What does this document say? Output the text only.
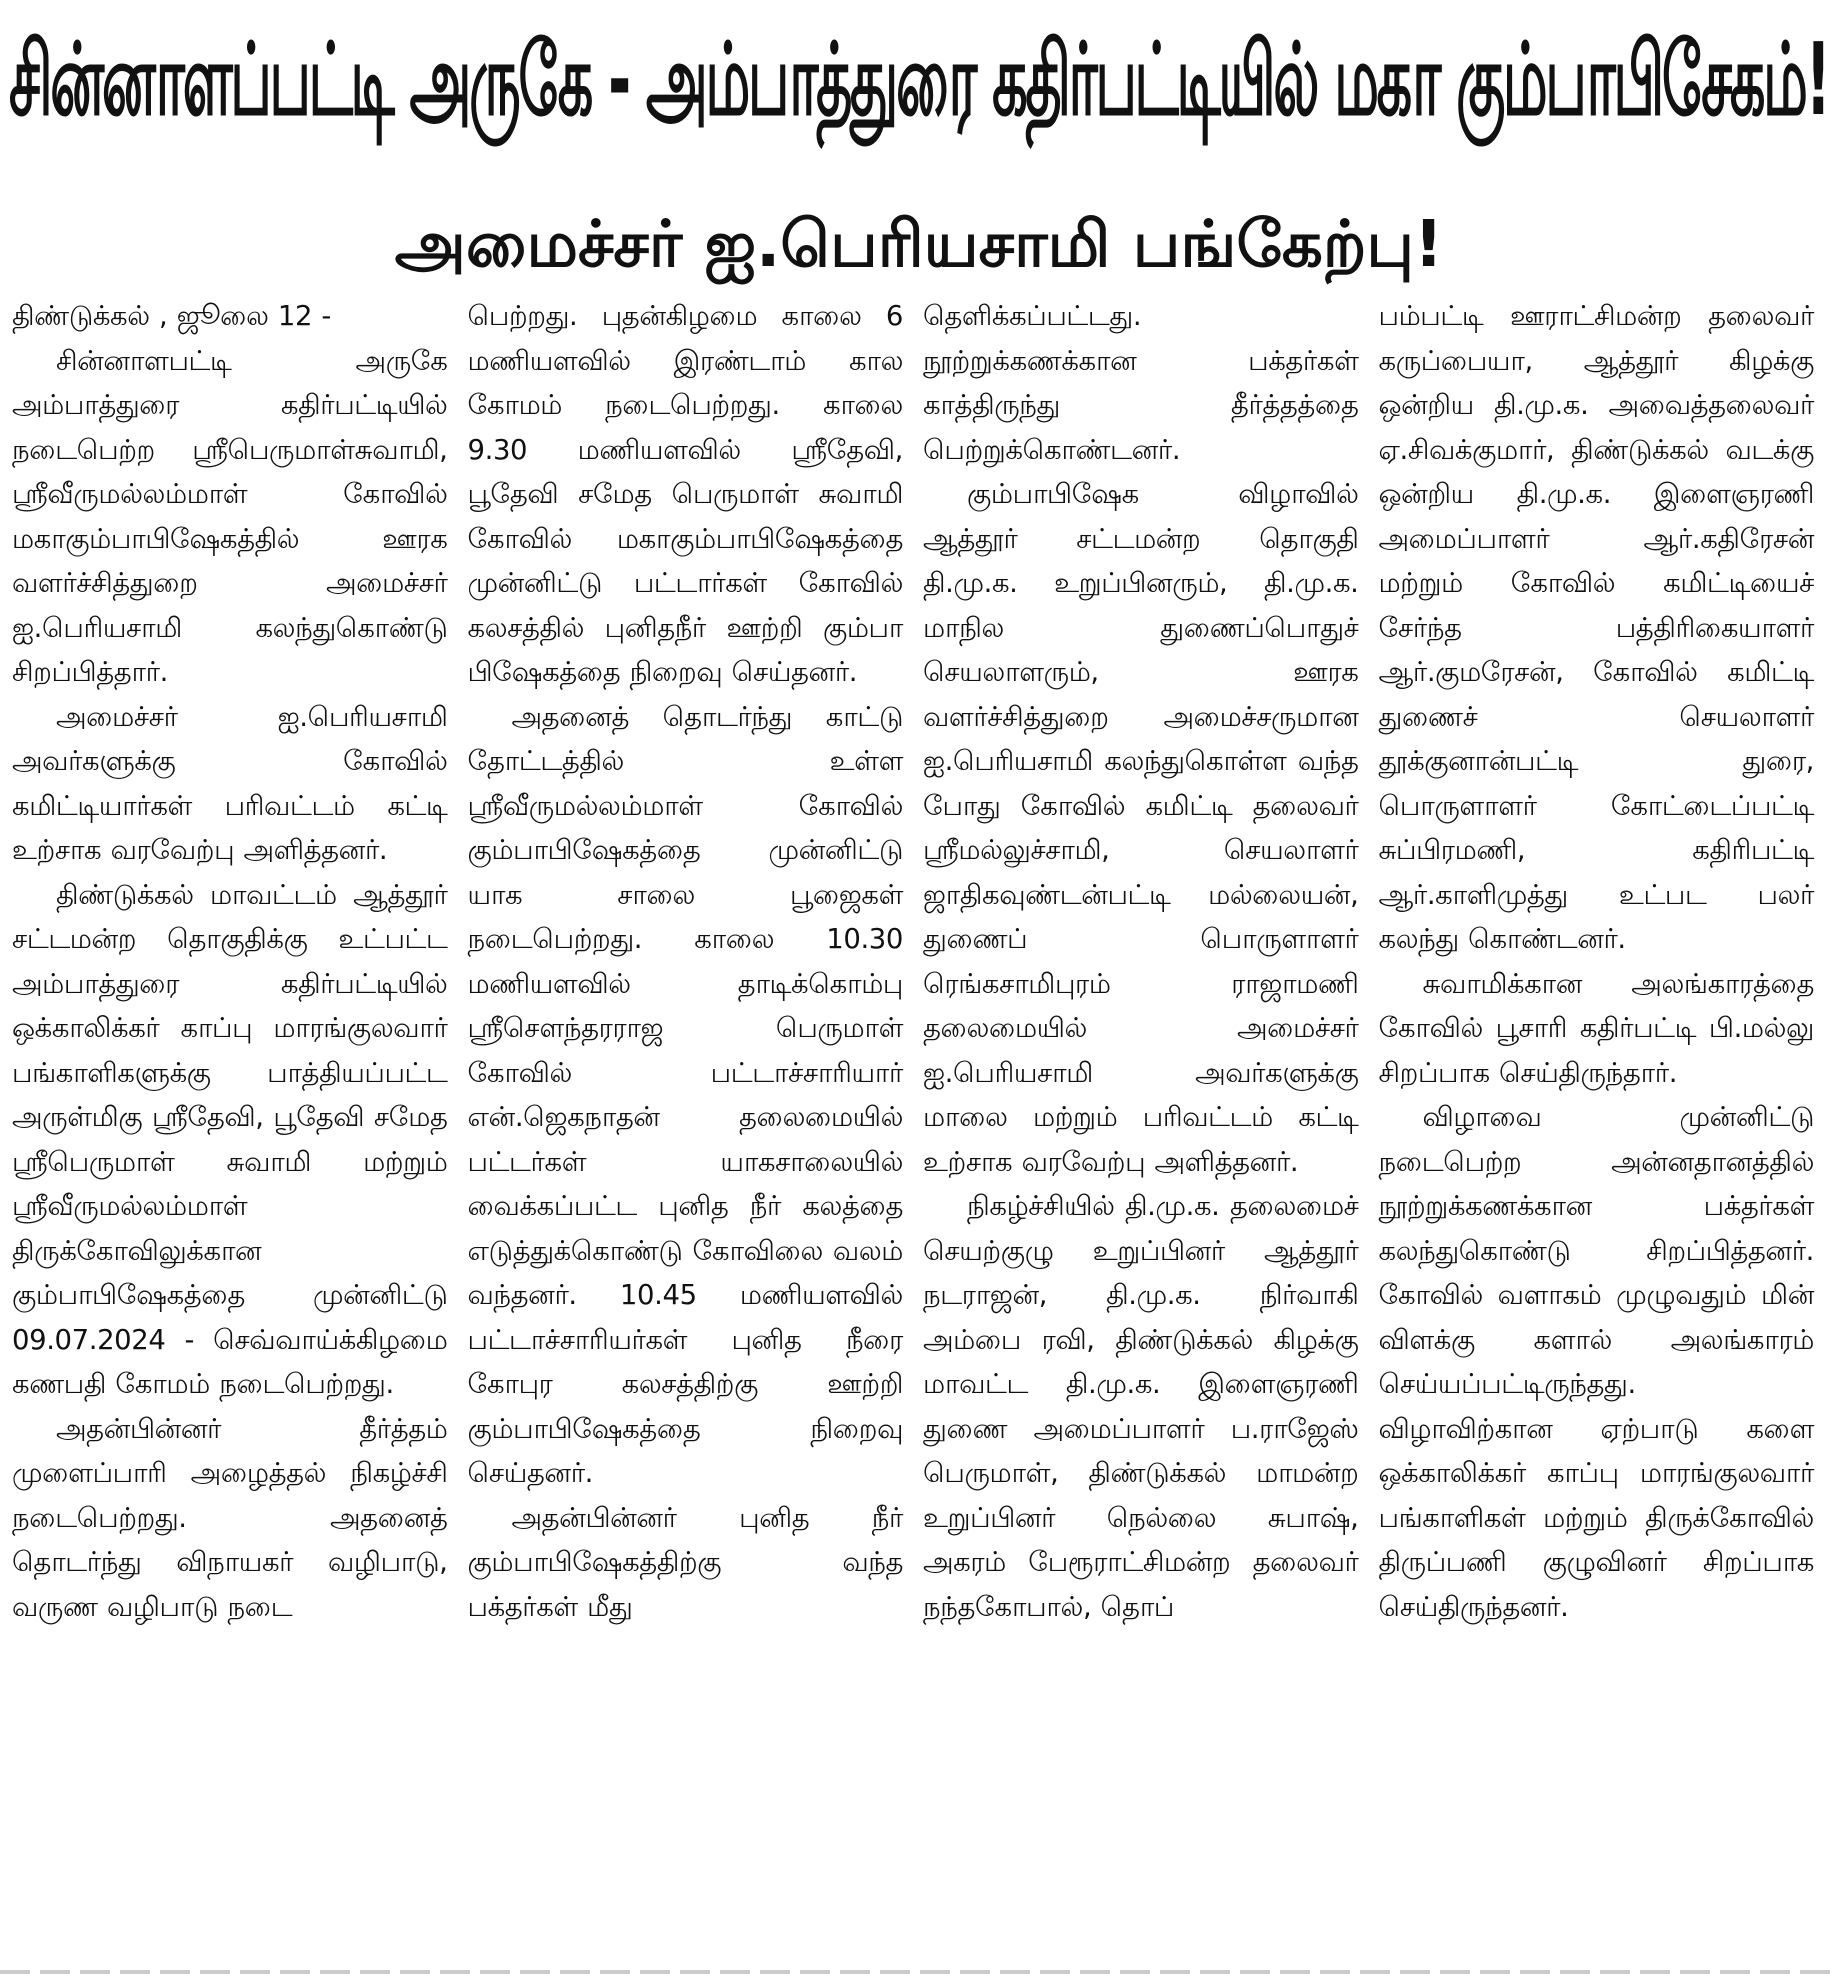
சின்னாளப்பட்டி அருகே - அம்பாத்துரை கதிர்பட்டியில் மகா கும்பாபிசேகம்!
அமைச்சர் ஐ.பெரியசாமி பங்கேற்பு!

திண்டுக்கல் , ஜூலை 12 -

சின்னாளபட்டி அருகே அம்பாத்துரை கதிர்பட்டியில் நடைபெற்ற ஸ்ரீபெருமாள்சுவாமி, ஸ்ரீவீருமல்லம்மாள் கோவில் மகாகும்பாபிஷேகத்தில் ஊரக வளர்ச்சித்துறை அமைச்சர் ஐ.பெரியசாமி கலந்துகொண்டு சிறப்பித்தார்.

அமைச்சர் ஐ.பெரியசாமி அவர்களுக்கு கோவில் கமிட்டியார்கள் பரிவட்டம் கட்டி உற்சாக வரவேற்பு அளித்தனர்.

திண்டுக்கல் மாவட்டம் ஆத்தூர் சட்டமன்ற தொகுதிக்கு உட்பட்ட அம்பாத்துரை கதிர்பட்டியில் ஒக்காலிக்கர் காப்பு மாரங்குலவார் பங்காளிகளுக்கு பாத்தியப்பட்ட அருள்மிகு ஸ்ரீதேவி, பூதேவி சமேத ஸ்ரீபெருமாள் சுவாமி மற்றும் ஸ்ரீவீருமல்லம்மாள் திருக்கோவிலுக்கான கும்பாபிஷேகத்தை முன்னிட்டு 09.07.2024 - செவ்வாய்க்கிழமை கணபதி கோமம் நடைபெற்றது.

அதன்பின்னர் தீர்த்தம் முளைப்பாரி அழைத்தல் நிகழ்ச்சி நடைபெற்றது. அதனைத் தொடர்ந்து விநாயகர் வழிபாடு, வருண வழிபாடு நடை

பெற்றது. புதன்கிழமை காலை 6 மணியளவில் இரண்டாம் கால கோமம் நடைபெற்றது. காலை 9.30 மணியளவில் ஸ்ரீதேவி, பூதேவி சமேத பெருமாள் சுவாமி கோவில் மகாகும்பாபிஷேகத்தை முன்னிட்டு பட்டார்கள் கோவில் கலசத்தில் புனிதநீர் ஊற்றி கும்பா பிஷேகத்தை நிறைவு செய்தனர்.

அதனைத் தொடர்ந்து காட்டு தோட்டத்தில் உள்ள ஸ்ரீவீருமல்லம்மாள் கோவில் கும்பாபிஷேகத்தை முன்னிட்டு யாக சாலை பூஜைகள் நடைபெற்றது. காலை 10.30 மணியளவில் தாடிக்கொம்பு ஸ்ரீசௌந்தரராஜ பெருமாள் கோவில் பட்டாச்சாரியார் என்.ஜெகநாதன் தலைமையில் பட்டர்கள் யாகசாலையில் வைக்கப்பட்ட புனித நீர் கலத்தை எடுத்துக்கொண்டு கோவிலை வலம் வந்தனர். 10.45 மணியளவில் பட்டாச்சாரியர்கள் புனித நீரை கோபுர கலசத்திற்கு ஊற்றி கும்பாபிஷேகத்தை நிறைவு செய்தனர்.

அதன்பின்னர் புனித நீர் கும்பாபிஷேகத்திற்கு வந்த பக்தர்கள் மீது

தெளிக்கப்பட்டது. நூற்றுக்கணக்கான பக்தர்கள் காத்திருந்து தீர்த்தத்தை பெற்றுக்கொண்டனர்.

கும்பாபிஷேக விழாவில் ஆத்தூர் சட்டமன்ற தொகுதி தி.மு.க. உறுப்பினரும், தி.மு.க. மாநில துணைப்பொதுச் செயலாளரும், ஊரக வளர்ச்சித்துறை அமைச்சருமான ஐ.பெரியசாமி கலந்துகொள்ள வந்த போது கோவில் கமிட்டி தலைவர் ஸ்ரீமல்லுச்சாமி, செயலாளர் ஜாதிகவுண்டன்பட்டி மல்லையன், துணைப் பொருளாளர் ரெங்கசாமிபுரம் ராஜாமணி தலைமையில் அமைச்சர் ஐ.பெரியசாமி அவர்களுக்கு மாலை மற்றும் பரிவட்டம் கட்டி உற்சாக வரவேற்பு அளித்தனர்.

நிகழ்ச்சியில் தி.மு.க. தலைமைச் செயற்குழு உறுப்பினர் ஆத்தூர் நடராஜன், தி.மு.க. நிர்வாகி அம்பை ரவி, திண்டுக்கல் கிழக்கு மாவட்ட தி.மு.க. இளைஞரணி துணை அமைப்பாளர் ப.ராஜேஸ் பெருமாள், திண்டுக்கல் மாமன்ற உறுப்பினர் நெல்லை சுபாஷ், அகரம் பேரூராட்சிமன்ற தலைவர் நந்தகோபால், தொப்

பம்பட்டி ஊராட்சிமன்ற தலைவர் கருப்பையா, ஆத்தூர் கிழக்கு ஒன்றிய தி.மு.க. அவைத்தலைவர் ஏ.சிவக்குமார், திண்டுக்கல் வடக்கு ஒன்றிய தி.மு.க. இளைஞரணி அமைப்பாளர் ஆர்.கதிரேசன் மற்றும் கோவில் கமிட்டியைச் சேர்ந்த பத்திரிகையாளர் ஆர்.குமரேசன், கோவில் கமிட்டி துணைச் செயலாளர் தூக்குனான்பட்டி துரை, பொருளாளர் கோட்டைப்பட்டி சுப்பிரமணி, கதிரிபட்டி ஆர்.காளிமுத்து உட்பட பலர் கலந்து கொண்டனர்.

சுவாமிக்கான அலங்காரத்தை கோவில் பூசாரி கதிர்பட்டி பி.மல்லு சிறப்பாக செய்திருந்தார்.

விழாவை முன்னிட்டு நடைபெற்ற அன்னதானத்தில் நூற்றுக்கணக்கான பக்தர்கள் கலந்துகொண்டு சிறப்பித்தனர். கோவில் வளாகம் முழுவதும் மின் விளக்கு களால் அலங்காரம் செய்யப்பட்டிருந்தது. விழாவிற்கான ஏற்பாடு களை ஒக்காலிக்கர் காப்பு மாரங்குலவார் பங்காளிகள் மற்றும் திருக்கோவில் திருப்பணி குழுவினர் சிறப்பாக செய்திருந்தனர்.
